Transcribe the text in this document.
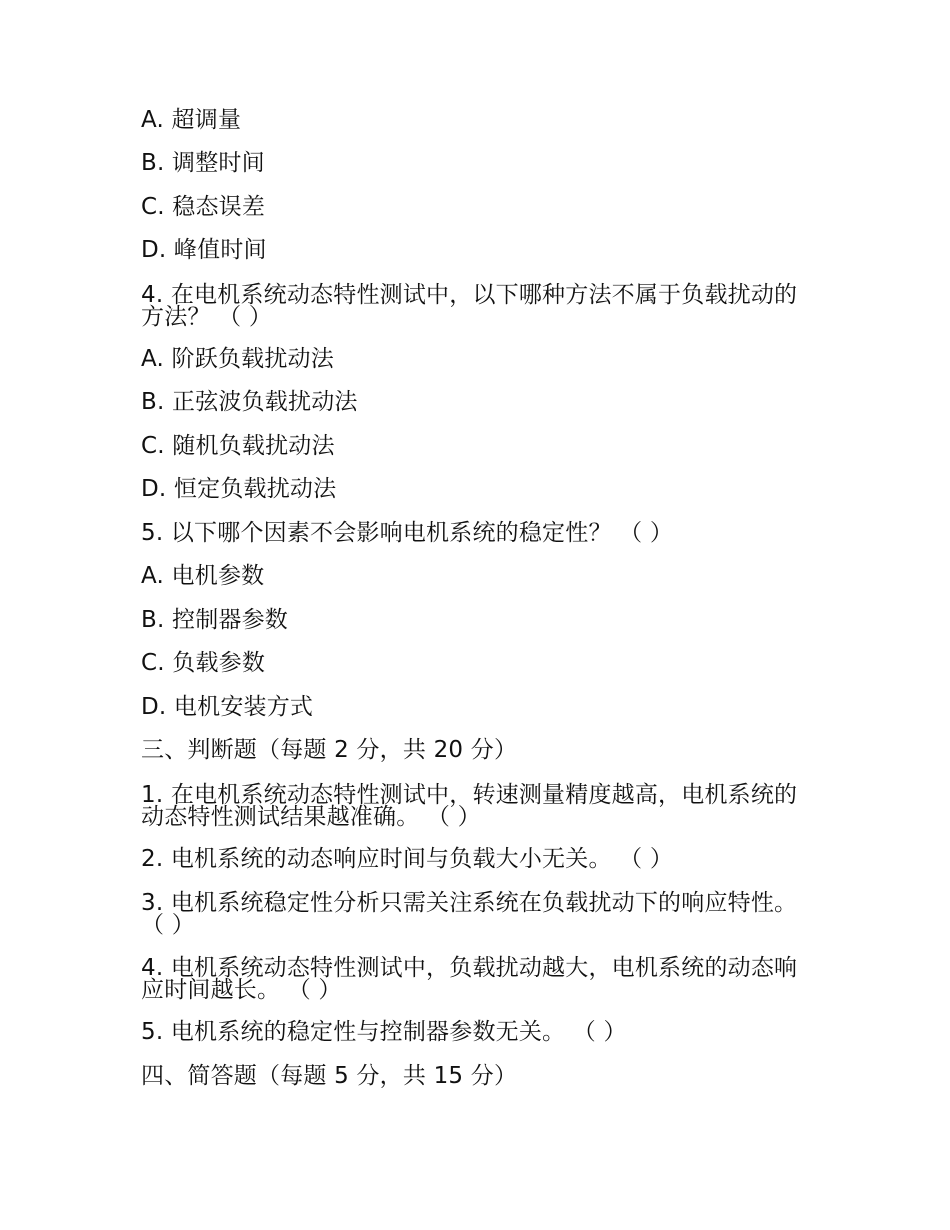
A. 超调量
B. 调整时间
C. 稳态误差
D. 峰值时间
4. 在电机系统动态特性测试中，以下哪种方法不属于负载扰动的方法？ （ ）
A. 阶跃负载扰动法
B. 正弦波负载扰动法
C. 随机负载扰动法
D. 恒定负载扰动法
5. 以下哪个因素不会影响电机系统的稳定性？ （ ）
A. 电机参数
B. 控制器参数
C. 负载参数
D. 电机安装方式
三、判断题（每题 2 分，共 20 分）
1. 在电机系统动态特性测试中，转速测量精度越高，电机系统的动态特性测试结果越准确。 （ ）
2. 电机系统的动态响应时间与负载大小无关。 （ ）
3. 电机系统稳定性分析只需关注系统在负载扰动下的响应特性。 （ ）
4. 电机系统动态特性测试中，负载扰动越大，电机系统的动态响应时间越长。 （ ）
5. 电机系统的稳定性与控制器参数无关。 （ ）
四、简答题（每题 5 分，共 15 分）
